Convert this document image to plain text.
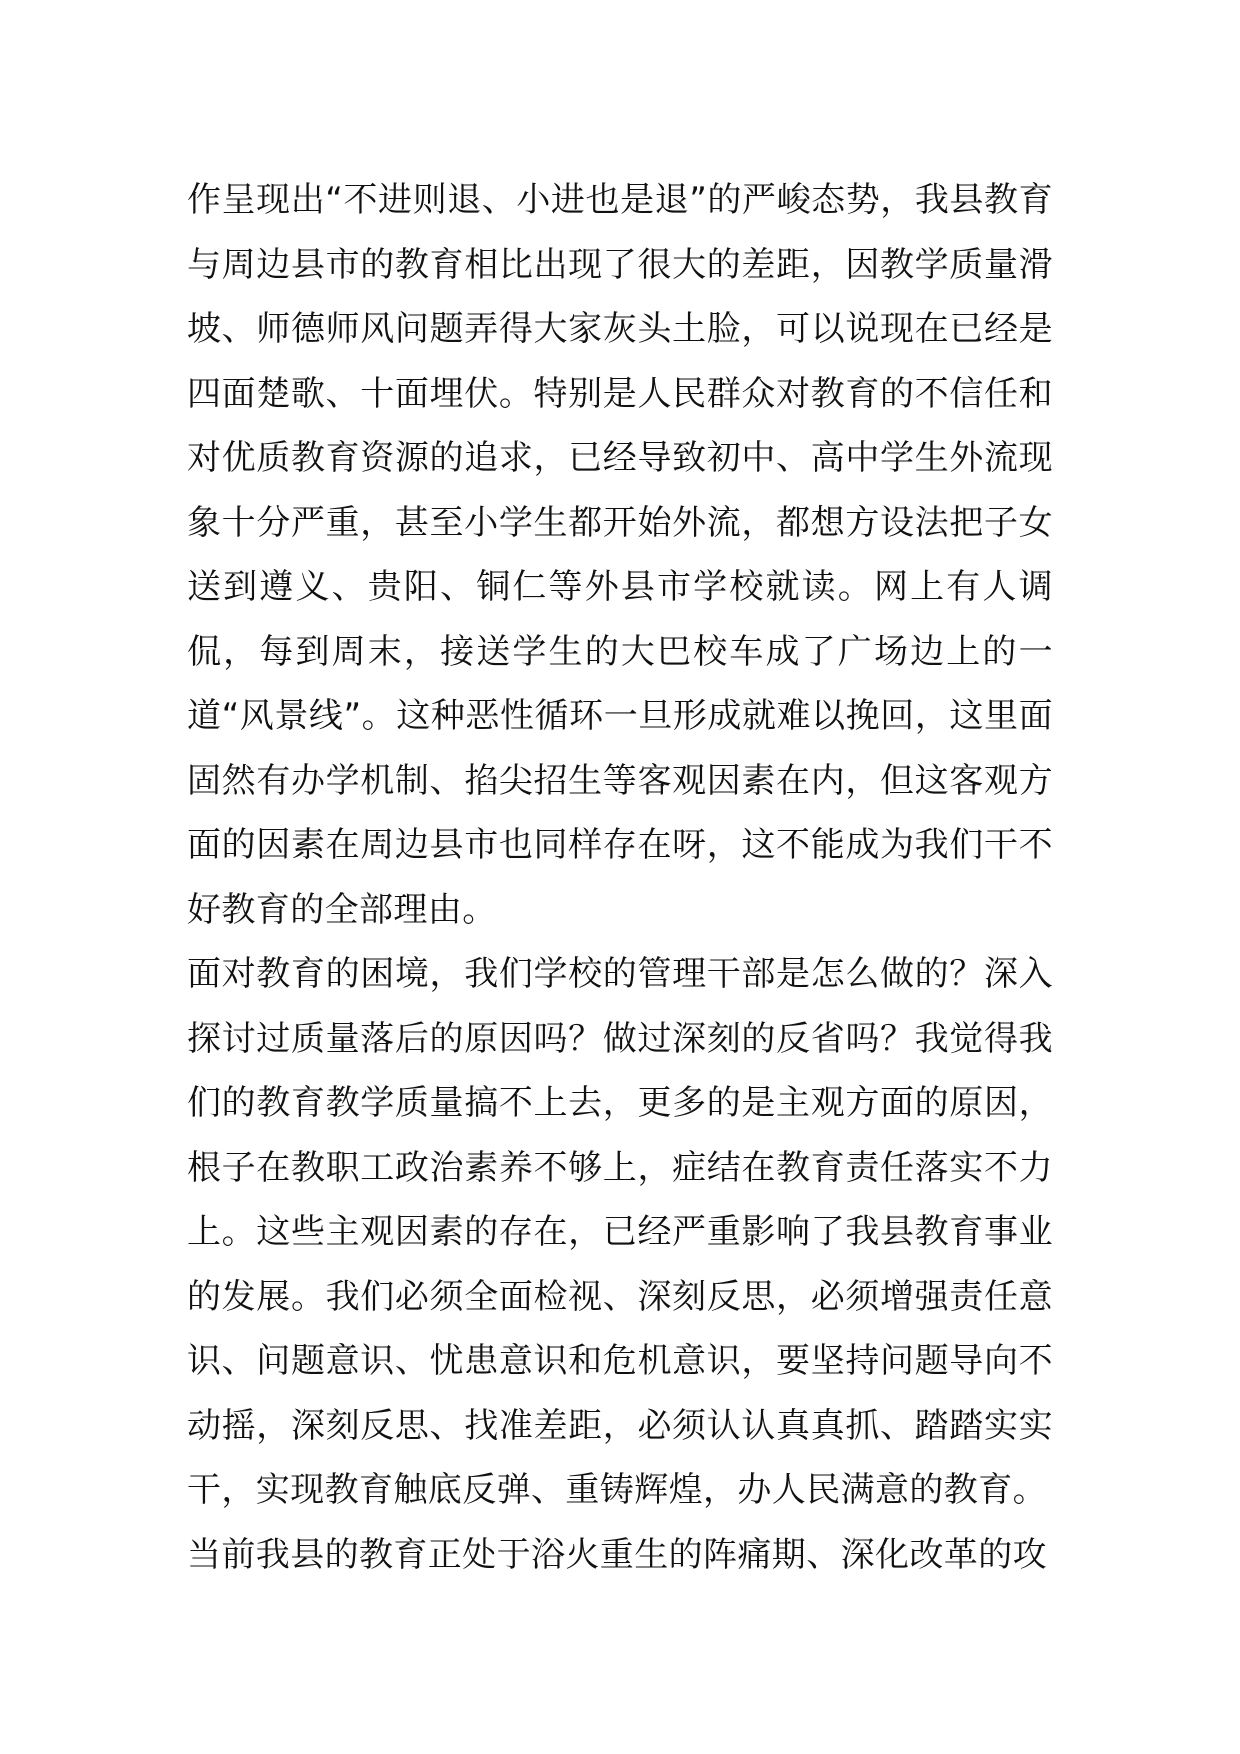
作呈现出“不进则退、小进也是退”的严峻态势，我县教育与周边县市的教育相比出现了很大的差距，因教学质量滑坡、师德师风问题弄得大家灰头土脸，可以说现在已经是四面楚歌、十面埋伏。特别是人民群众对教育的不信任和对优质教育资源的追求，已经导致初中、高中学生外流现象十分严重，甚至小学生都开始外流，都想方设法把子女送到遵义、贵阳、铜仁等外县市学校就读。网上有人调侃，每到周末，接送学生的大巴校车成了广场边上的一道“风景线”。这种恶性循环一旦形成就难以挽回，这里面固然有办学机制、掐尖招生等客观因素在内，但这客观方面的因素在周边县市也同样存在呀，这不能成为我们干不好教育的全部理由。

面对教育的困境，我们学校的管理干部是怎么做的？深入探讨过质量落后的原因吗？做过深刻的反省吗？我觉得我们的教育教学质量搞不上去，更多的是主观方面的原因，根子在教职工政治素养不够上，症结在教育责任落实不力上。这些主观因素的存在，已经严重影响了我县教育事业的发展。我们必须全面检视、深刻反思，必须增强责任意识、问题意识、忧患意识和危机意识，要坚持问题导向不动摇，深刻反思、找准差距，必须认认真真抓、踏踏实实干，实现教育触底反弹、重铸辉煌，办人民满意的教育。

当前我县的教育正处于浴火重生的阵痛期、深化改革的攻
